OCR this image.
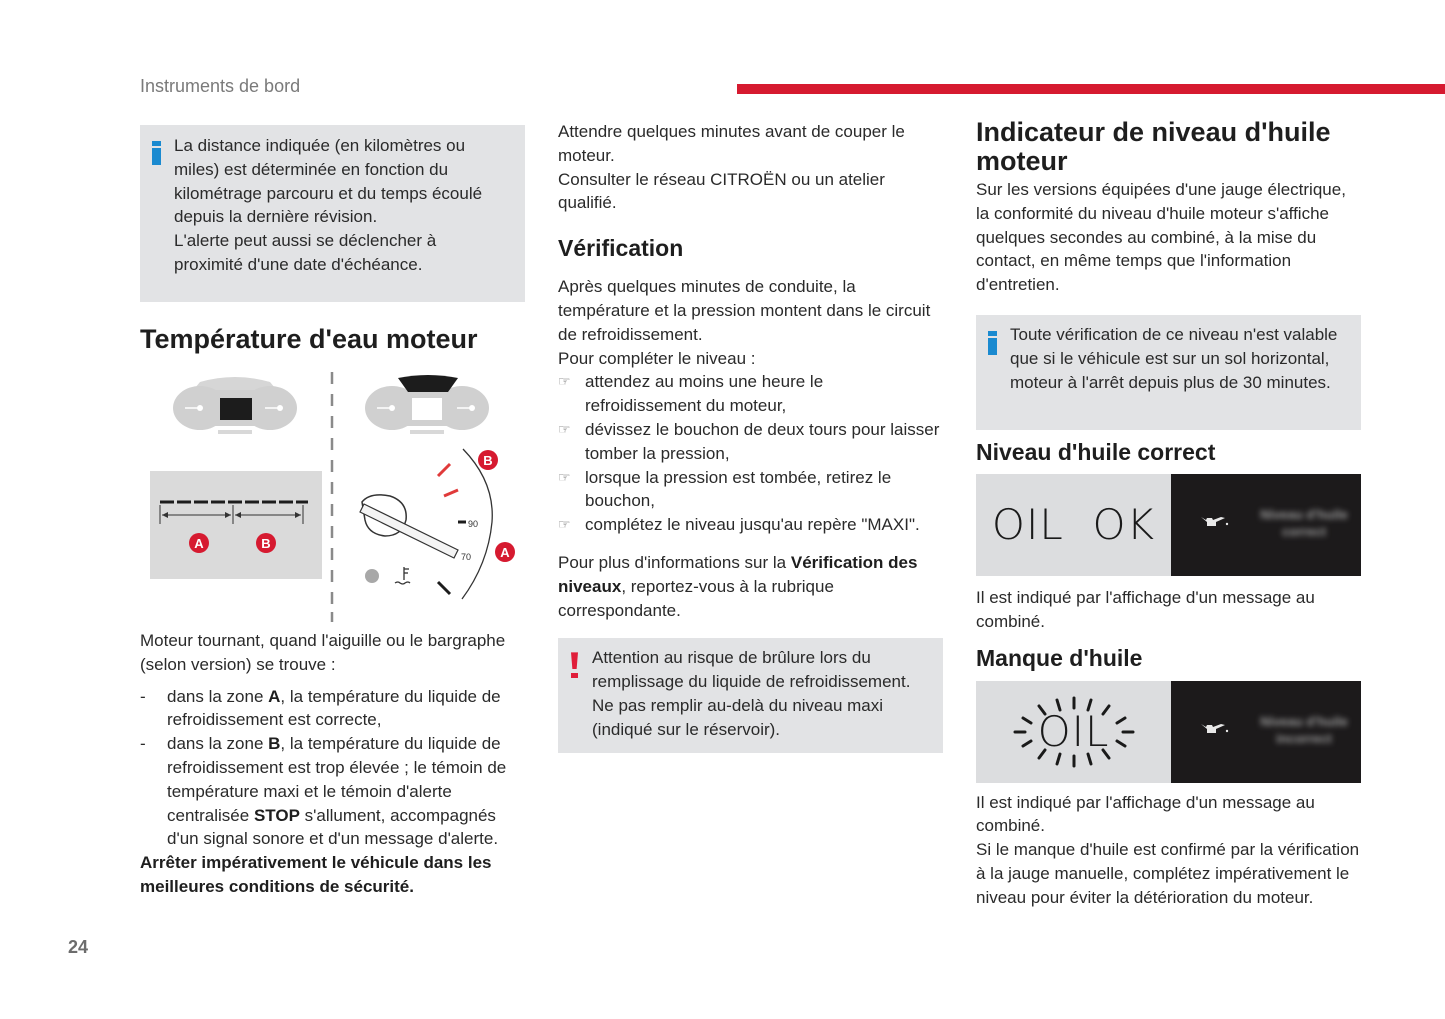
Instruments de bord
La distance indiquée (en kilomètres ou
miles) est déterminée en fonction du
kilométrage parcouru et du temps écoulé
depuis la dernière révision.
L'alerte peut aussi se déclencher à
proximité d'une date d'échéance.
Température d'eau moteur
A	B
90
70
B
A
Moteur tournant, quand l'aiguille ou le bargraphe (selon version) se trouve :
- dans la zone A, la température du liquide de refroidissement est correcte,
- dans la zone B, la température du liquide de refroidissement est trop élevée ; le témoin de température maxi et le témoin d'alerte centralisée STOP s'allument, accompagnés d'un signal sonore et d'un message d'alerte.
Arrêter impérativement le véhicule dans les meilleures conditions de sécurité.
Attendre quelques minutes avant de couper le moteur.
Consulter le réseau CITROËN ou un atelier qualifié.
Vérification
Après quelques minutes de conduite, la température et la pression montent dans le circuit de refroidissement.
Pour compléter le niveau :
☞ attendez au moins une heure le refroidissement du moteur,
☞ dévissez le bouchon de deux tours pour laisser tomber la pression,
☞ lorsque la pression est tombée, retirez le bouchon,
☞ complétez le niveau jusqu'au repère "MAXI".
Pour plus d'informations sur la Vérification des niveaux, reportez-vous à la rubrique correspondante.
Attention au risque de brûlure lors du remplissage du liquide de refroidissement. Ne pas remplir au-delà du niveau maxi (indiqué sur le réservoir).
Indicateur de niveau d'huile moteur
Sur les versions équipées d'une jauge électrique, la conformité du niveau d'huile moteur s'affiche quelques secondes au combiné, à la mise du contact, en même temps que l'information d'entretien.
Toute vérification de ce niveau n'est valable que si le véhicule est sur un sol horizontal, moteur à l'arrêt depuis plus de 30 minutes.
Niveau d'huile correct
OIL  OK	Niveau d'huile correct
Il est indiqué par l'affichage d'un message au combiné.
Manque d'huile
OIL	Niveau d'huile incorrect
Il est indiqué par l'affichage d'un message au combiné.
Si le manque d'huile est confirmé par la vérification à la jauge manuelle, complétez impérativement le niveau pour éviter la détérioration du moteur.
24
